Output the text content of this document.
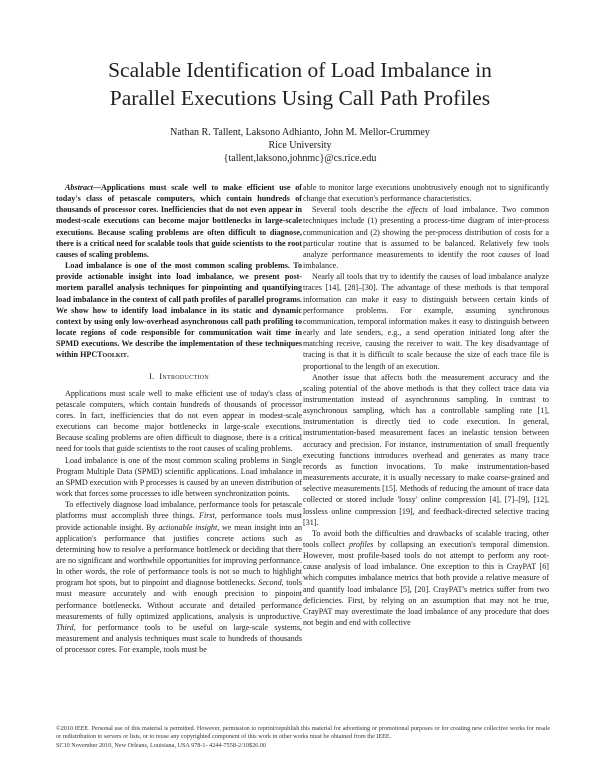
Scalable Identification of Load Imbalance in
Parallel Executions Using Call Path Profiles
Nathan R. Tallent, Laksono Adhianto, John M. Mellor-Crummey
Rice University
{tallent,laksono,johnmc}@cs.rice.edu

Abstract—Applications must scale well to make efficient use of today's class of petascale computers, which contain hundreds of thousands of processor cores. Inefficiencies that do not even appear in modest-scale executions can become major bottlenecks in large-scale executions. Because scaling problems are often difficult to diagnose, there is a critical need for scalable tools that guide scientists to the root causes of scaling problems.

Load imbalance is one of the most common scaling problems. To provide actionable insight into load imbalance, we present post-mortem parallel analysis techniques for pinpointing and quantifying load imbalance in the context of call path profiles of parallel programs. We show how to identify load imbalance in its static and dynamic context by using only low-overhead asynchronous call path profiling to locate regions of code responsible for communication wait time in SPMD executions. We describe the implementation of these techniques within HPCToolkit.

I. Introduction

Applications must scale well to make efficient use of today's class of petascale computers, which contain hundreds of thousands of processor cores. In fact, inefficiencies that do not even appear in modest-scale executions can become major bottlenecks in large-scale executions. Because scaling problems are often difficult to diagnose, there is a critical need for tools that guide scientists to the root causes of scaling problems.

Load imbalance is one of the most common scaling problems in Single Program Multiple Data (SPMD) scientific applications. Load imbalance in an SPMD execution with P processes is caused by an uneven distribution of work that forces some processes to idle between synchronization points.

To effectively diagnose load imbalance, performance tools for petascale platforms must accomplish three things. First, performance tools must provide actionable insight. By actionable insight, we mean insight into an application's performance that justifies concrete actions such as determining how to resolve a performance bottleneck or deciding that there are no significant and worthwhile opportunities for improving performance. In other words, the role of performance tools is not so much to highlight program hot spots, but to pinpoint and diagnose bottlenecks. Second, tools must measure accurately and with enough precision to pinpoint performance bottlenecks. Without accurate and detailed performance measurements of fully optimized applications, analysis is unproductive. Third, for performance tools to be useful on large-scale systems, measurement and analysis techniques must scale to hundreds of thousands of processor cores. For example, tools must be

able to monitor large executions unobtrusively enough not to significantly change that execution's performance characteristics.

Several tools describe the effects of load imbalance. Two common techniques include (1) presenting a process-time diagram of inter-process communication and (2) showing the per-process distribution of costs for a particular routine that is assumed to be balanced. Relatively few tools analyze performance measurements to identify the root causes of load imbalance.

Nearly all tools that try to identify the causes of load imbalance analyze traces [14], [28]–[30]. The advantage of these methods is that temporal information can make it easy to distinguish between certain kinds of performance problems. For example, assuming synchronous communication, temporal information makes it easy to distinguish between early and late senders, e.g., a send operation initiated long after the matching receive, causing the receiver to wait. The key disadvantage of tracing is that it is difficult to scale because the size of each trace file is proportional to the length of an execution.

Another issue that affects both the measurement accuracy and the scaling potential of the above methods is that they collect trace data via instrumentation instead of asynchronous sampling. In contrast to asynchronous sampling, which has a controllable sampling rate [1], instrumentation is directly tied to code execution. In general, instrumentation-based measurement faces an inelastic tension between accuracy and precision. For instance, instrumentation of small frequently executing functions introduces overhead and generates as many trace records as function invocations. To make instrumentation-based measurements accurate, it is usually necessary to make coarse-grained and selective measurements [15]. Methods of reducing the amount of trace data collected or stored include 'lossy' online compression [4], [7]–[9], [12], lossless online compression [19], and feedback-directed selective tracing [31].

To avoid both the difficulties and drawbacks of scalable tracing, other tools collect profiles by collapsing an execution's temporal dimension. However, most profile-based tools do not attempt to perform any root-cause analysis of load imbalance. One exception to this is CrayPAT [6] which computes imbalance metrics that both provide a relative measure of and quantify load imbalance [5], [20]. CrayPAT's metrics suffer from two deficiencies. First, by relying on an assumption that may not be true, CrayPAT may overestimate the load imbalance of any procedure that does not begin and end with collective

©2010 IEEE. Personal use of this material is permitted. However, permission to reprint/republish this material for advertising or promotional purposes or for creating new collective works for resale or redistribution to servers or lists, or to reuse any copyrighted component of this work in other works must be obtained from the IEEE.
SC10 November 2010, New Orleans, Louisiana, USA 978-1- 4244-7558-2/10$26.00
